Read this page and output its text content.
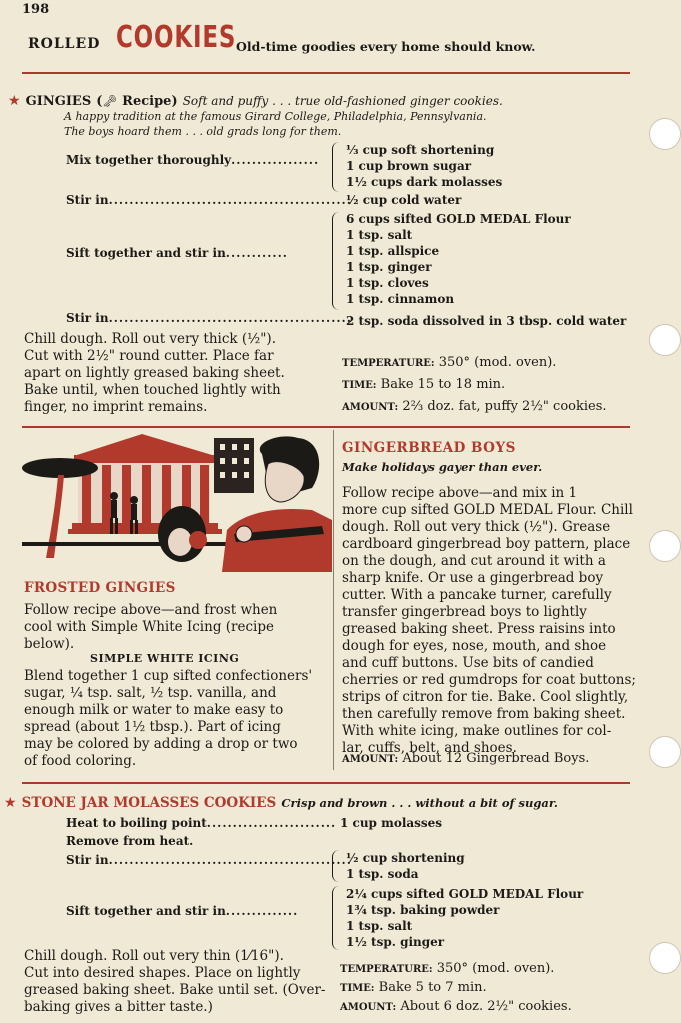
198
ROLLED COOKIES Old-time goodies every home should know.
★ GINGIES (🗝 Recipe) Soft and puffy . . . true old-fashioned ginger cookies.
A happy tradition at the famous Girard College, Philadelphia, Pennsylvania.
The boys hoard them . . . old grads long for them.
Mix together thoroughly.................
⅓ cup soft shortening
1 cup brown sugar
1½ cups dark molasses
Stir in...............................................
½ cup cold water
Sift together and stir in............
6 cups sifted GOLD MEDAL Flour
1 tsp. salt
1 tsp. allspice
1 tsp. ginger
1 tsp. cloves
1 tsp. cinnamon
Stir in...............................................
2 tsp. soda dissolved in 3 tbsp. cold water
Chill dough. Roll out very thick (½").
Cut with 2½" round cutter. Place far
apart on lightly greased baking sheet.
Bake until, when touched lightly with
finger, no imprint remains.
TEMPERATURE: 350° (mod. oven).
TIME: Bake 15 to 18 min.
AMOUNT: 2⅔ doz. fat, puffy 2½" cookies.
FROSTED GINGIES
Follow recipe above—and frost when
cool with Simple White Icing (recipe
below).
SIMPLE WHITE ICING
Blend together 1 cup sifted confectioners'
sugar, ¼ tsp. salt, ½ tsp. vanilla, and
enough milk or water to make easy to
spread (about 1½ tbsp.). Part of icing
may be colored by adding a drop or two
of food coloring.
GINGERBREAD BOYS
Make holidays gayer than ever.
Follow recipe above—and mix in 1
more cup sifted GOLD MEDAL Flour. Chill
dough. Roll out very thick (½"). Grease
cardboard gingerbread boy pattern, place
on the dough, and cut around it with a
sharp knife. Or use a gingerbread boy
cutter. With a pancake turner, carefully
transfer gingerbread boys to lightly
greased baking sheet. Press raisins into
dough for eyes, nose, mouth, and shoe
and cuff buttons. Use bits of candied
cherries or red gumdrops for coat buttons;
strips of citron for tie. Bake. Cool slightly,
then carefully remove from baking sheet.
With white icing, make outlines for col-
lar, cuffs, belt, and shoes.
AMOUNT: About 12 Gingerbread Boys.
★ STONE JAR MOLASSES COOKIES Crisp and brown . . . without a bit of sugar.
Heat to boiling point......................... 1 cup molasses
Remove from heat.
Stir in...............................................
½ cup shortening
1 tsp. soda
Sift together and stir in..............
2¼ cups sifted GOLD MEDAL Flour
1¾ tsp. baking powder
1 tsp. salt
1½ tsp. ginger
Chill dough. Roll out very thin (1⁄16").
Cut into desired shapes. Place on lightly
greased baking sheet. Bake until set. (Over-
baking gives a bitter taste.)
TEMPERATURE: 350° (mod. oven).
TIME: Bake 5 to 7 min.
AMOUNT: About 6 doz. 2½" cookies.
